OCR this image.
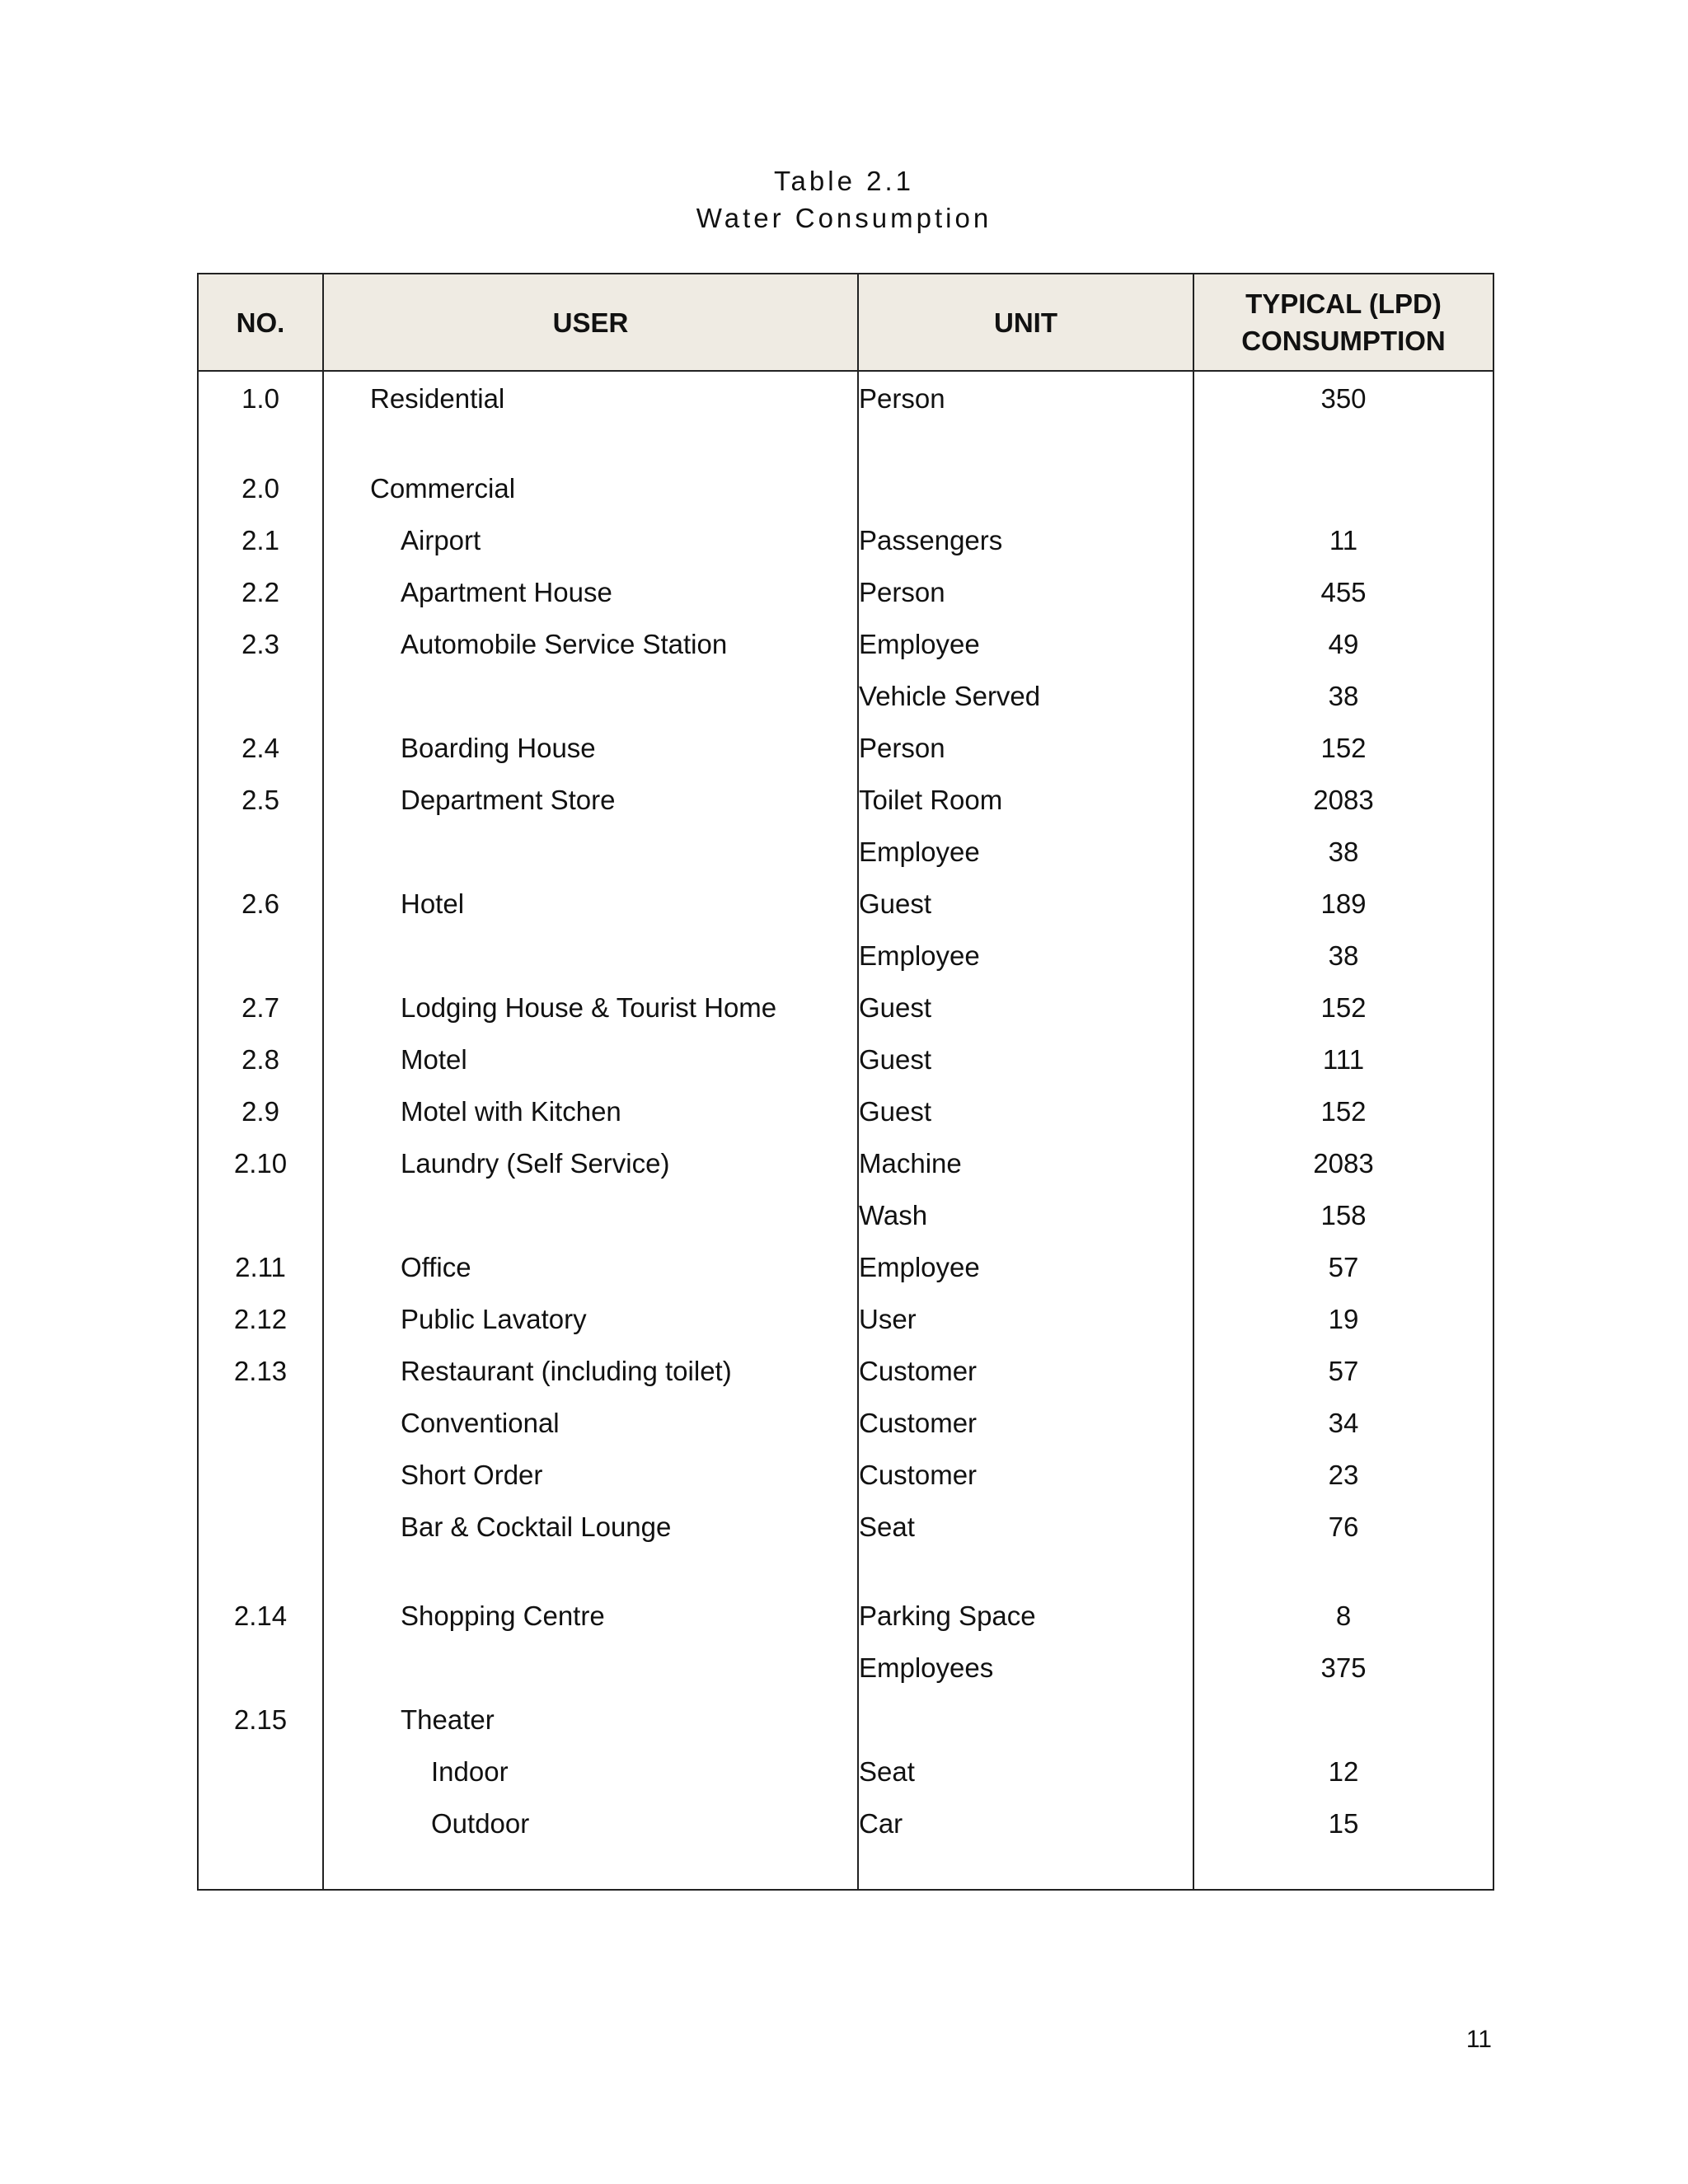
Table 2.1
Water Consumption
NO.	USER	UNIT	TYPICAL (LPD)
CONSUMPTION
1.0	Residential	Person	350

2.0	Commercial		
2.1	Airport	Passengers	11
2.2	Apartment House	Person	455
2.3	Automobile Service Station	Employee	49
		Vehicle Served	38
2.4	Boarding House	Person	152
2.5	Department Store	Toilet Room	2083
		Employee	38
2.6	Hotel	Guest	189
		Employee	38
2.7	Lodging House & Tourist Home	Guest	152
2.8	Motel	Guest	111
2.9	Motel with Kitchen	Guest	152
2.10	Laundry (Self Service)	Machine	2083
		Wash	158
2.11	Office	Employee	57
2.12	Public Lavatory	User	19
2.13	Restaurant (including toilet)	Customer	57
	Conventional	Customer	34
	Short Order	Customer	23
	Bar & Cocktail Lounge	Seat	76

2.14	Shopping Centre	Parking Space	8
		Employees	375
2.15	Theater		
	Indoor	Seat	12
	Outdoor	Car	15

11
